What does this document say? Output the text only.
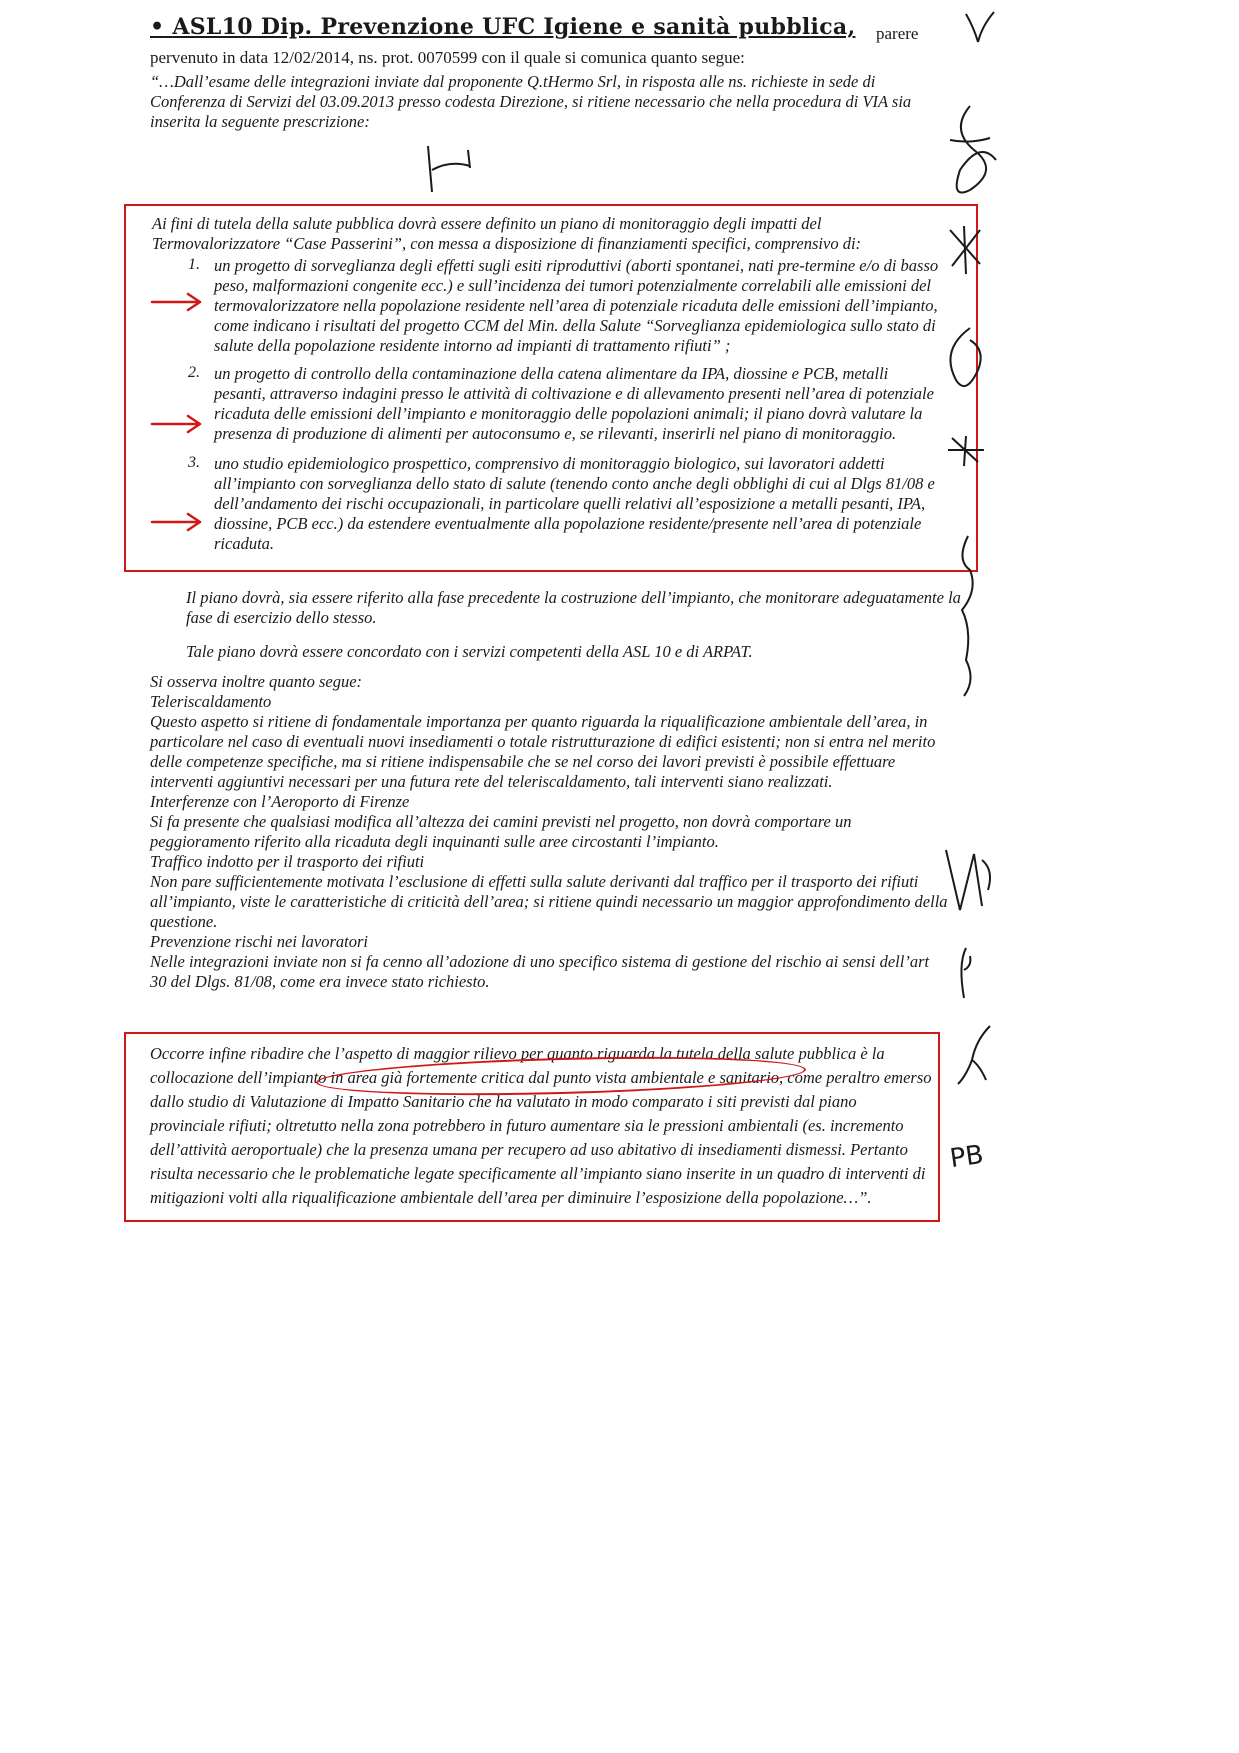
• ASL10 Dip. Prevenzione UFC Igiene e sanità pubblica, parere
pervenuto in data 12/02/2014, ns. prot. 0070599 con il quale si comunica quanto segue:
“…Dall’esame delle integrazioni inviate dal proponente Q.tHermo Srl, in risposta alle ns. richieste in sede di
Conferenza di Servizi del 03.09.2013 presso codesta Direzione, si ritiene necessario che nella procedura di VIA sia
inserita la seguente prescrizione:
Ai fini di tutela della salute pubblica dovrà essere definito un piano di monitoraggio degli impatti del
Termovalorizzatore “Case Passerini”, con messa a disposizione di finanziamenti specifici, comprensivo di:
1. un progetto di sorveglianza degli effetti sugli esiti riproduttivi (aborti spontanei, nati pre-termine e/o di basso
peso, malformazioni congenite ecc.) e sull’incidenza dei tumori potenzialmente correlabili alle emissioni del
termovalorizzatore nella popolazione residente nell’area di potenziale ricaduta delle emissioni dell’impianto,
come indicano i risultati del progetto CCM del Min. della Salute “Sorveglianza epidemiologica sullo stato di
salute della popolazione residente intorno ad impianti di trattamento rifiuti” ;
2. un progetto di controllo della contaminazione della catena alimentare da IPA, diossine e PCB, metalli
pesanti, attraverso indagini presso le attività di coltivazione e di allevamento presenti nell’area di potenziale
ricaduta delle emissioni dell’impianto e monitoraggio delle popolazioni animali; il piano dovrà valutare la
presenza di produzione di alimenti per autoconsumo e, se rilevanti, inserirli nel piano di monitoraggio.
3. uno studio epidemiologico prospettico, comprensivo di monitoraggio biologico, sui lavoratori addetti
all’impianto con sorveglianza dello stato di salute (tenendo conto anche degli obblighi di cui al Dlgs 81/08 e
dell’andamento dei rischi occupazionali, in particolare quelli relativi all’esposizione a metalli pesanti, IPA,
diossine, PCB ecc.) da estendere eventualmente alla popolazione residente/presente nell’area di potenziale
ricaduta.
Il piano dovrà, sia essere riferito alla fase precedente la costruzione dell’impianto, che monitorare adeguatamente la
fase di esercizio dello stesso.
Tale piano dovrà essere concordato con i servizi competenti della ASL 10 e di ARPAT.
Si osserva inoltre quanto segue:
Teleriscaldamento
Questo aspetto si ritiene di fondamentale importanza per quanto riguarda la riqualificazione ambientale dell’area, in
particolare nel caso di eventuali nuovi insediamenti o totale ristrutturazione di edifici esistenti; non si entra nel merito
delle competenze specifiche, ma si ritiene indispensabile che se nel corso dei lavori previsti è possibile effettuare
interventi aggiuntivi necessari per una futura rete del teleriscaldamento, tali interventi siano realizzati.
Interferenze con l’Aeroporto di Firenze
Si fa presente che qualsiasi modifica all’altezza dei camini previsti nel progetto, non dovrà comportare un
peggioramento riferito alla ricaduta degli inquinanti sulle aree circostanti l’impianto.
Traffico indotto per il trasporto dei rifiuti
Non pare sufficientemente motivata l’esclusione di effetti sulla salute derivanti dal traffico per il trasporto dei rifiuti
all’impianto, viste le caratteristiche di criticità dell’area; si ritiene quindi necessario un maggior approfondimento della
questione.
Prevenzione rischi nei lavoratori
Nelle integrazioni inviate non si fa cenno all’adozione di uno specifico sistema di gestione del rischio ai sensi dell’art
30 del Dlgs. 81/08, come era invece stato richiesto.
Occorre infine ribadire che l’aspetto di maggior rilievo per quanto riguarda la tutela della salute pubblica è la
collocazione dell’impianto in area già fortemente critica dal punto vista ambientale e sanitario, come peraltro emerso
dallo studio di Valutazione di Impatto Sanitario che ha valutato in modo comparato i siti previsti dal piano
provinciale rifiuti; oltretutto nella zona potrebbero in futuro aumentare sia le pressioni ambientali (es. incremento
dell’attività aeroportuale) che la presenza umana per recupero ad uso abitativo di insediamenti dismessi. Pertanto
risulta necessario che le problematiche legate specificamente all’impianto siano inserite in un quadro di interventi di
mitigazioni volti alla riqualificazione ambientale dell’area per diminuire l’esposizione della popolazione…”.
PB
